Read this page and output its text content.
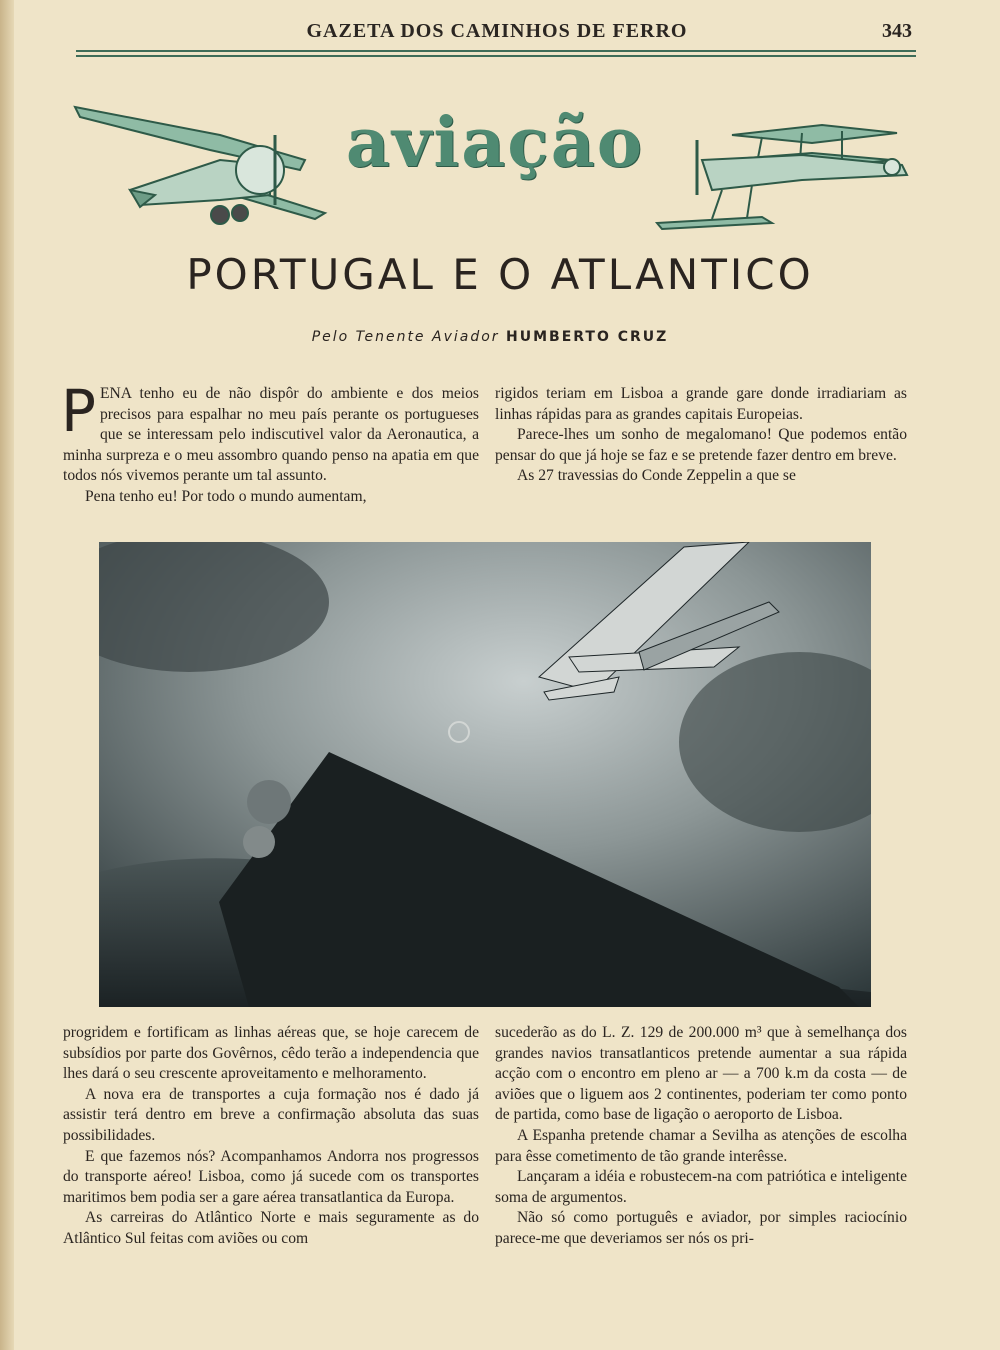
GAZETA DOS CAMINHOS DE FERRO	343
aviação
PORTUGAL E O ATLANTICO
Pelo Tenente Aviador HUMBERTO CRUZ

PENA tenho eu de não dispôr do ambiente e dos meios precisos para espalhar no meu país perante os portugueses que se interessam pelo indiscutivel valor da Aeronautica, a minha surpreza e o meu assombro quando penso na apatia em que todos nós vivemos perante um tal assunto.

Pena tenho eu! Por todo o mundo aumentam,

rigidos teriam em Lisboa a grande gare donde irradiariam as linhas rápidas para as grandes capitais Europeias.

Parece-lhes um sonho de megalomano! Que podemos então pensar do que já hoje se faz e se pretende fazer dentro em breve.

As 27 travessias do Conde Zeppelin a que se

progridem e fortificam as linhas aéreas que, se hoje carecem de subsídios por parte dos Govêrnos, cêdo terão a independencia que lhes dará o seu crescente aproveitamento e melhoramento.

A nova era de transportes a cuja formação nos é dado já assistir terá dentro em breve a confirmação absoluta das suas possibilidades.

E que fazemos nós? Acompanhamos Andorra nos progressos do transporte aéreo! Lisboa, como já sucede com os transportes maritimos bem podia ser a gare aérea transatlantica da Europa.

As carreiras do Atlântico Norte e mais seguramente as do Atlântico Sul feitas com aviões ou com

sucederão as do L. Z. 129 de 200.000 m³ que à semelhança dos grandes navios transatlanticos pretende aumentar a sua rápida acção com o encontro em pleno ar — a 700 k.m da costa — de aviões que o liguem aos 2 continentes, poderiam ter como ponto de partida, como base de ligação o aeroporto de Lisboa.

A Espanha pretende chamar a Sevilha as atenções de escolha para êsse cometimento de tão grande interêsse.

Lançaram a idéia e robustecem-na com patriótica e inteligente soma de argumentos.

Não só como português e aviador, por simples raciocínio parece-me que deveriamos ser nós os pri-
